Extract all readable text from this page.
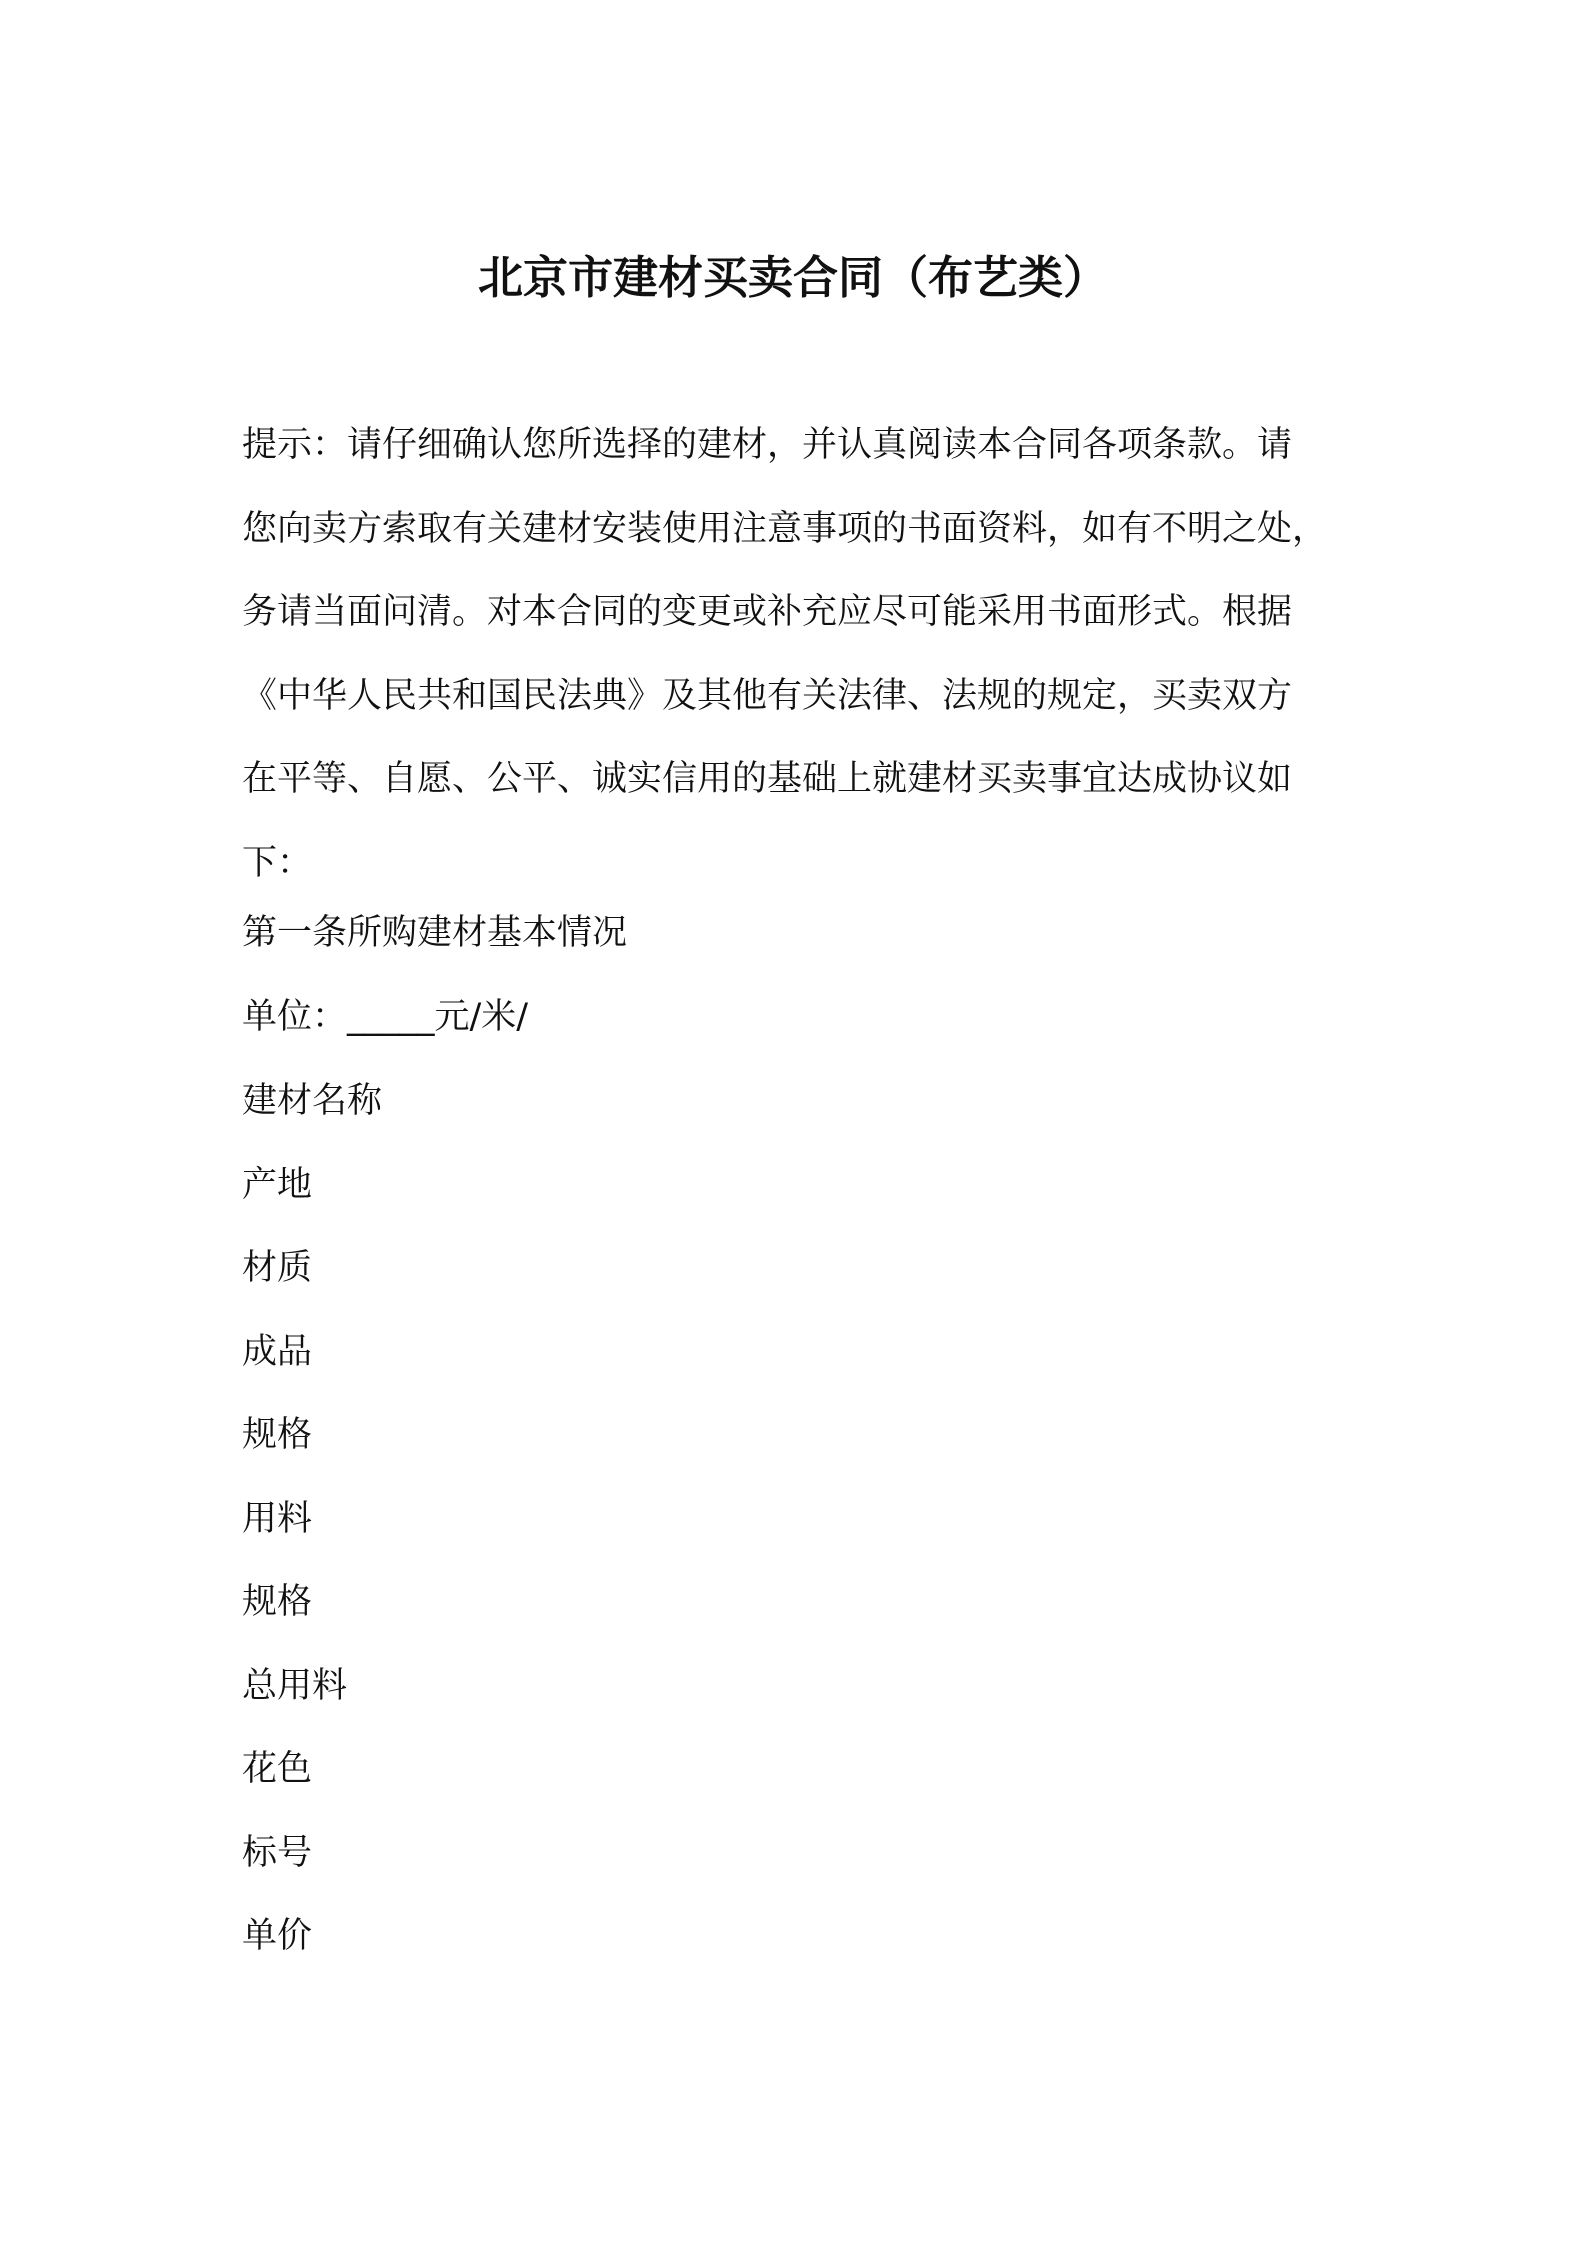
北京市建材买卖合同（布艺类）

提示：请仔细确认您所选择的建材，并认真阅读本合同各项条款。请
您向卖方索取有关建材安装使用注意事项的书面资料，如有不明之处，
务请当面问清。对本合同的变更或补充应尽可能采用书面形式。根据
《中华人民共和国民法典》及其他有关法律、法规的规定，买卖双方
在平等、自愿、公平、诚实信用的基础上就建材买卖事宜达成协议如
下：

第一条所购建材基本情况
单位：_____元/米/
建材名称
产地
材质
成品
规格
用料
规格
总用料
花色
标号
单价
